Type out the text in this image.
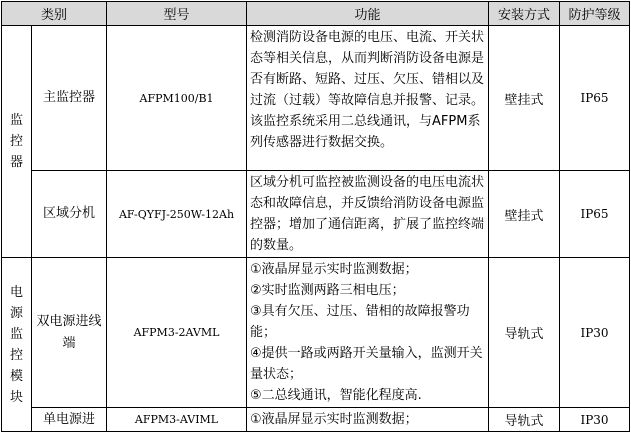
类别		型号	功能	安装方式	防护等级
监控器	主监控器	AFPM100/B1	检测消防设备电源的电压、电流、开关状态等相关信息，从而判断消防设备电源是否有断路、短路、过压、欠压、错相以及过流（过载）等故障信息并报警、记录。该监控系统采用二总线通讯，与AFPM系列传感器进行数据交换。	壁挂式	IP65
	区域分机	AF-QYFJ-250W-12Ah	区域分机可监控被监测设备的电压电流状态和故障信息，并反馈给消防设备电源监控器；增加了通信距离，扩展了监控终端的数量。	壁挂式	IP65
电源监控模块	双电源进线端	AFPM3-2AVML	①液晶屏显示实时监测数据；
②实时监测两路三相电压；
③具有欠压、过压、错相的故障报警功能；
④提供一路或两路开关量输入，监测开关量状态；
⑤二总线通讯，智能化程度高.	导轨式	IP30
	单电源进	AFPM3-AVIML	①液晶屏显示实时监测数据；	导轨式	IP30
